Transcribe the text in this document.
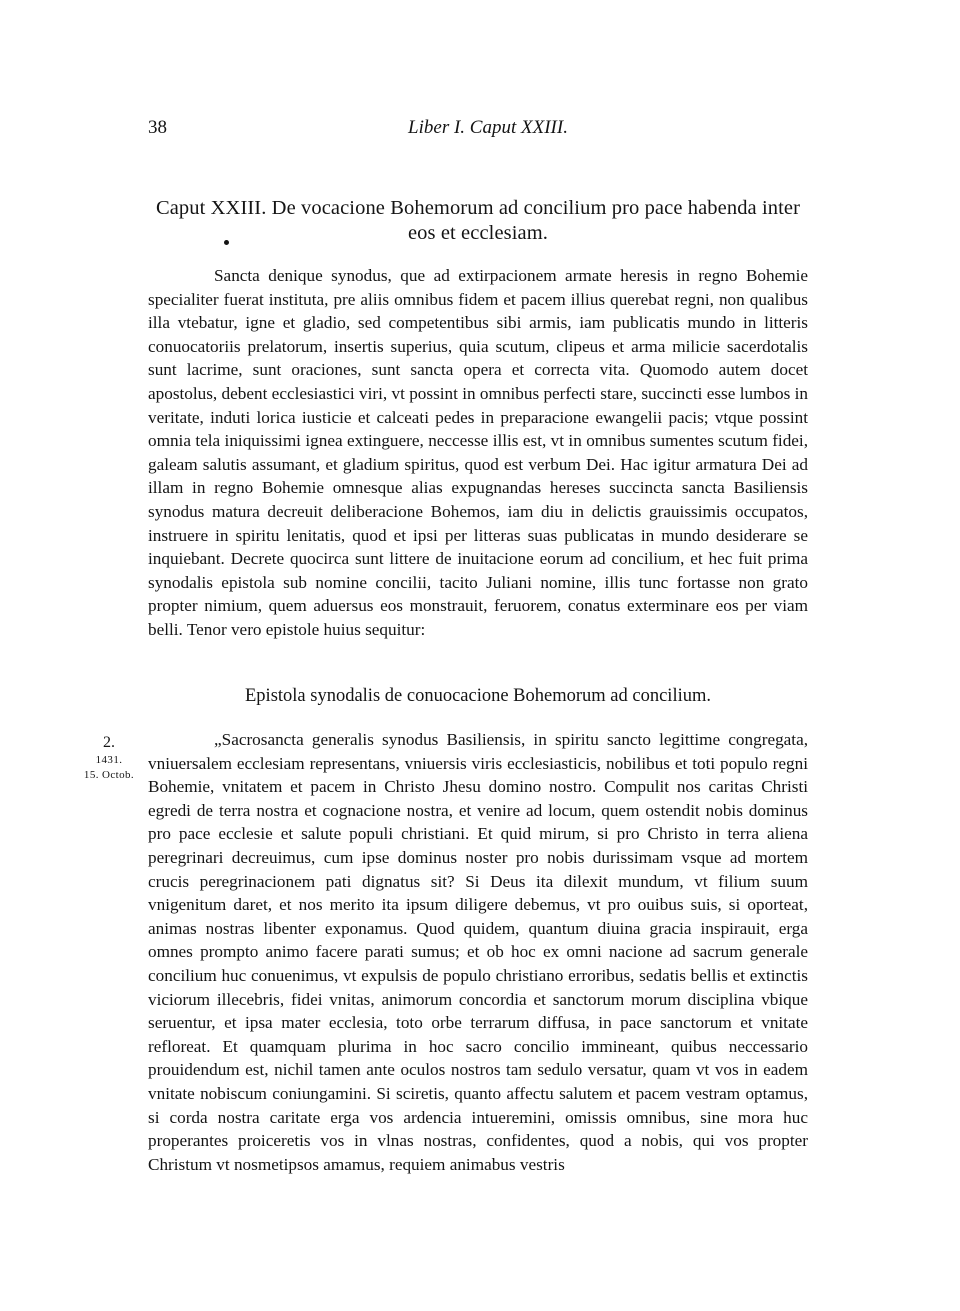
38	Liber I. Caput XXIII.
Caput XXIII. De vocacione Bohemorum ad concilium pro pace habenda inter eos et ecclesiam.

Sancta denique synodus, que ad extirpacionem armate heresis in regno Bohemie specialiter fuerat instituta, pre aliis omnibus fidem et pacem illius querebat regni, non qualibus illa vtebatur, igne et gladio, sed competentibus sibi armis, iam publicatis mundo in litteris conuocatoriis prelatorum, insertis superius, quia scutum, clipeus et arma milicie sacerdotalis sunt lacrime, sunt oraciones, sunt sancta opera et correcta vita. Quomodo autem docet apostolus, debent ecclesiastici viri, vt possint in omnibus perfecti stare, succincti esse lumbos in veritate, induti lorica iusticie et calceati pedes in preparacione ewangelii pacis; vtque possint omnia tela iniquissimi ignea extinguere, neccesse illis est, vt in omnibus sumentes scutum fidei, galeam salutis assumant, et gladium spiritus, quod est verbum Dei. Hac igitur armatura Dei ad illam in regno Bohemie omnesque alias expugnandas hereses succincta sancta Basiliensis synodus matura decreuit deliberacione Bohemos, iam diu in delictis grauissimis occupatos, instruere in spiritu lenitatis, quod et ipsi per litteras suas publicatas in mundo desiderare se inquiebant. Decrete quocirca sunt littere de inuitacione eorum ad concilium, et hec fuit prima synodalis epistola sub nomine concilii, tacito Juliani nomine, illis tunc fortasse non grato propter nimium, quem aduersus eos monstrauit, feruorem, conatus exterminare eos per viam belli. Tenor vero epistole huius sequitur:

Epistola synodalis de conuocacione Bohemorum ad concilium.
2.
1431.
15. Octob.

„Sacrosancta generalis synodus Basiliensis, in spiritu sancto legittime congregata, vniuersalem ecclesiam representans, vniuersis viris ecclesiasticis, nobilibus et toti populo regni Bohemie, vnitatem et pacem in Christo Jhesu domino nostro. Compulit nos caritas Christi egredi de terra nostra et cognacione nostra, et venire ad locum, quem ostendit nobis dominus pro pace ecclesie et salute populi christiani. Et quid mirum, si pro Christo in terra aliena peregrinari decreuimus, cum ipse dominus noster pro nobis durissimam vsque ad mortem crucis peregrinacionem pati dignatus sit? Si Deus ita dilexit mundum, vt filium suum vnigenitum daret, et nos merito ita ipsum diligere debemus, vt pro ouibus suis, si oporteat, animas nostras libenter exponamus. Quod quidem, quantum diuina gracia inspirauit, erga omnes prompto animo facere parati sumus; et ob hoc ex omni nacione ad sacrum generale concilium huc conuenimus, vt expulsis de populo christiano erroribus, sedatis bellis et extinctis viciorum illecebris, fidei vnitas, animorum concordia et sanctorum morum disciplina vbique seruentur, et ipsa mater ecclesia, toto orbe terrarum diffusa, in pace sanctorum et vnitate refloreat. Et quamquam plurima in hoc sacro concilio immineant, quibus neccessario prouidendum est, nichil tamen ante oculos nostros tam sedulo versatur, quam vt vos in eadem vnitate nobiscum coniungamini. Si sciretis, quanto affectu salutem et pacem vestram optamus, si corda nostra caritate erga vos ardencia intueremini, omissis omnibus, sine mora huc properantes proiceretis vos in vlnas nostras, confidentes, quod a nobis, qui vos propter Christum vt nosmetipsos amamus, requiem animabus vestris
